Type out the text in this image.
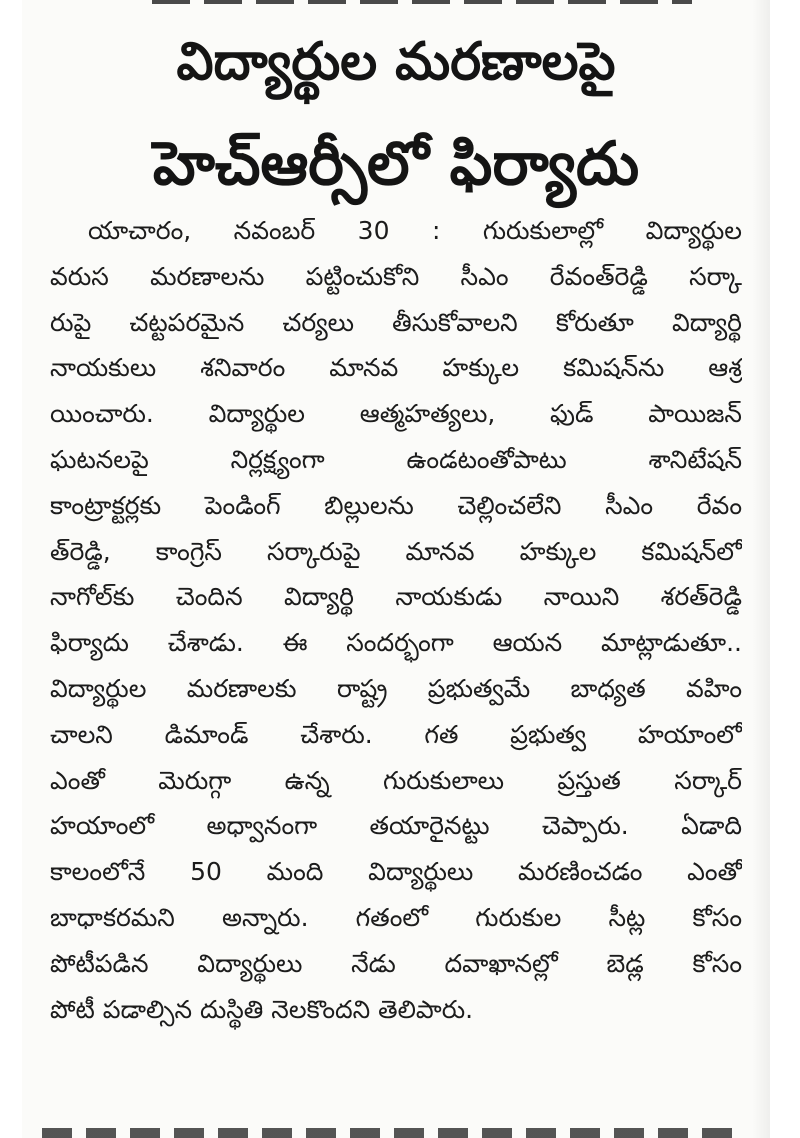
విద్యార్థుల మరణాలపై
హెచ్ఆర్సీలో ఫిర్యాదు
యాచారం, నవంబర్ 30 : గురుకులాల్లో విద్యార్థుల
వరుస మరణాలను పట్టించుకోని సీఎం రేవంత్‌రెడ్డి సర్కా
రుపై చట్టపరమైన చర్యలు తీసుకోవాలని కోరుతూ విద్యార్థి
నాయకులు శనివారం మానవ హక్కుల కమిషన్‌ను ఆశ్ర
యించారు. విద్యార్థుల ఆత్మహత్యలు, ఫుడ్ పాయిజన్
ఘటనలపై నిర్లక్ష్యంగా ఉండటంతోపాటు శానిటేషన్
కాంట్రాక్టర్లకు పెండింగ్ బిల్లులను చెల్లించలేని సీఎం రేవం
త్‌రెడ్డి, కాంగ్రెస్ సర్కారుపై మానవ హక్కుల కమిషన్‌లో
నాగోల్‌కు చెందిన విద్యార్థి నాయకుడు నాయిని శరత్‌రెడ్డి
ఫిర్యాదు చేశాడు. ఈ సందర్భంగా ఆయన మాట్లాడుతూ..
విద్యార్థుల మరణాలకు రాష్ట్ర ప్రభుత్వమే బాధ్యత వహిం
చాలని డిమాండ్ చేశారు. గత ప్రభుత్వ హయాంలో
ఎంతో మెరుగ్గా ఉన్న గురుకులాలు ప్రస్తుత సర్కార్
హయాంలో అధ్వానంగా తయారైనట్టు చెప్పారు. ఏడాది
కాలంలోనే 50 మంది విద్యార్థులు మరణించడం ఎంతో
బాధాకరమని అన్నారు. గతంలో గురుకుల సీట్ల కోసం
పోటీపడిన విద్యార్థులు నేడు దవాఖానల్లో బెడ్ల కోసం
పోటీ పడాల్సిన దుస్థితి నెలకొందని తెలిపారు.
